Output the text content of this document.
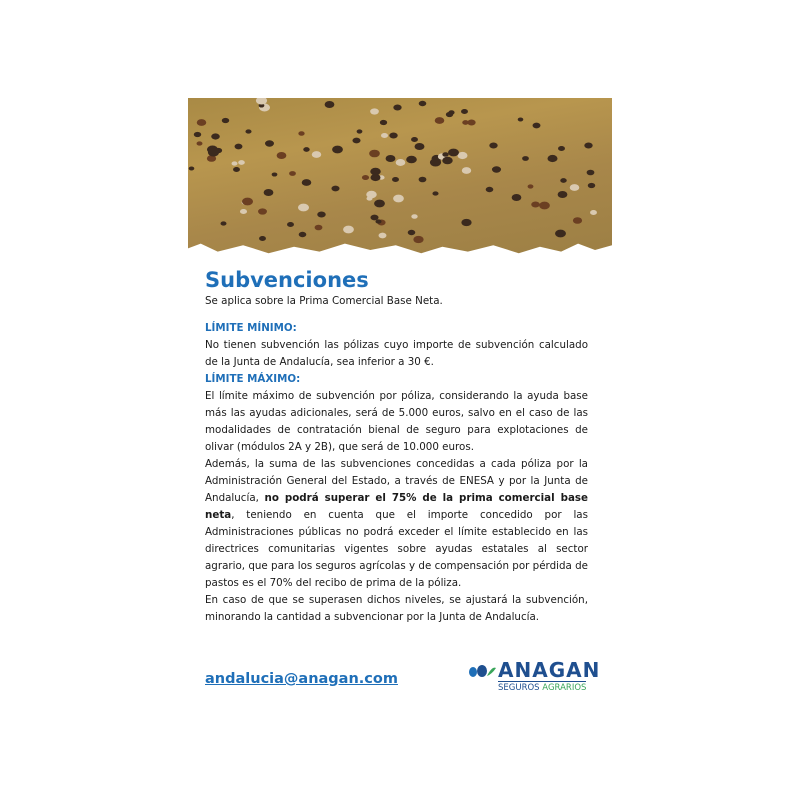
Subvenciones

Se aplica sobre la Prima Comercial Base Neta.

LÍMITE MÍNIMO:

No tienen subvención las pólizas cuyo importe de subvención calculado de la Junta de Andalucía, sea inferior a 30 €.

LÍMITE MÁXIMO:

El límite máximo de subvención por póliza, considerando la ayuda base más las ayudas adicionales, será de 5.000 euros, salvo en el caso de las modalidades de contratación bienal de seguro para explotaciones de olivar (módulos 2A y 2B), que será de 10.000 euros.

Además, la suma de las subvenciones concedidas a cada póliza por la Administración General del Estado, a través de ENESA y por la Junta de Andalucía, no podrá superar el 75% de la prima comercial base neta, teniendo en cuenta que el importe concedido por las Administraciones públicas no podrá exceder el límite establecido en las directrices comunitarias vigentes sobre ayudas estatales al sector agrario, que para los seguros agrícolas y de compensación por pérdida de pastos es el 70% del recibo de prima de la póliza.

En caso de que se superasen dichos niveles, se ajustará la subvención, minorando la cantidad a subvencionar por la Junta de Andalucía.

andalucia@anagan.com	ANAGAN
SEGUROS AGRARIOS
